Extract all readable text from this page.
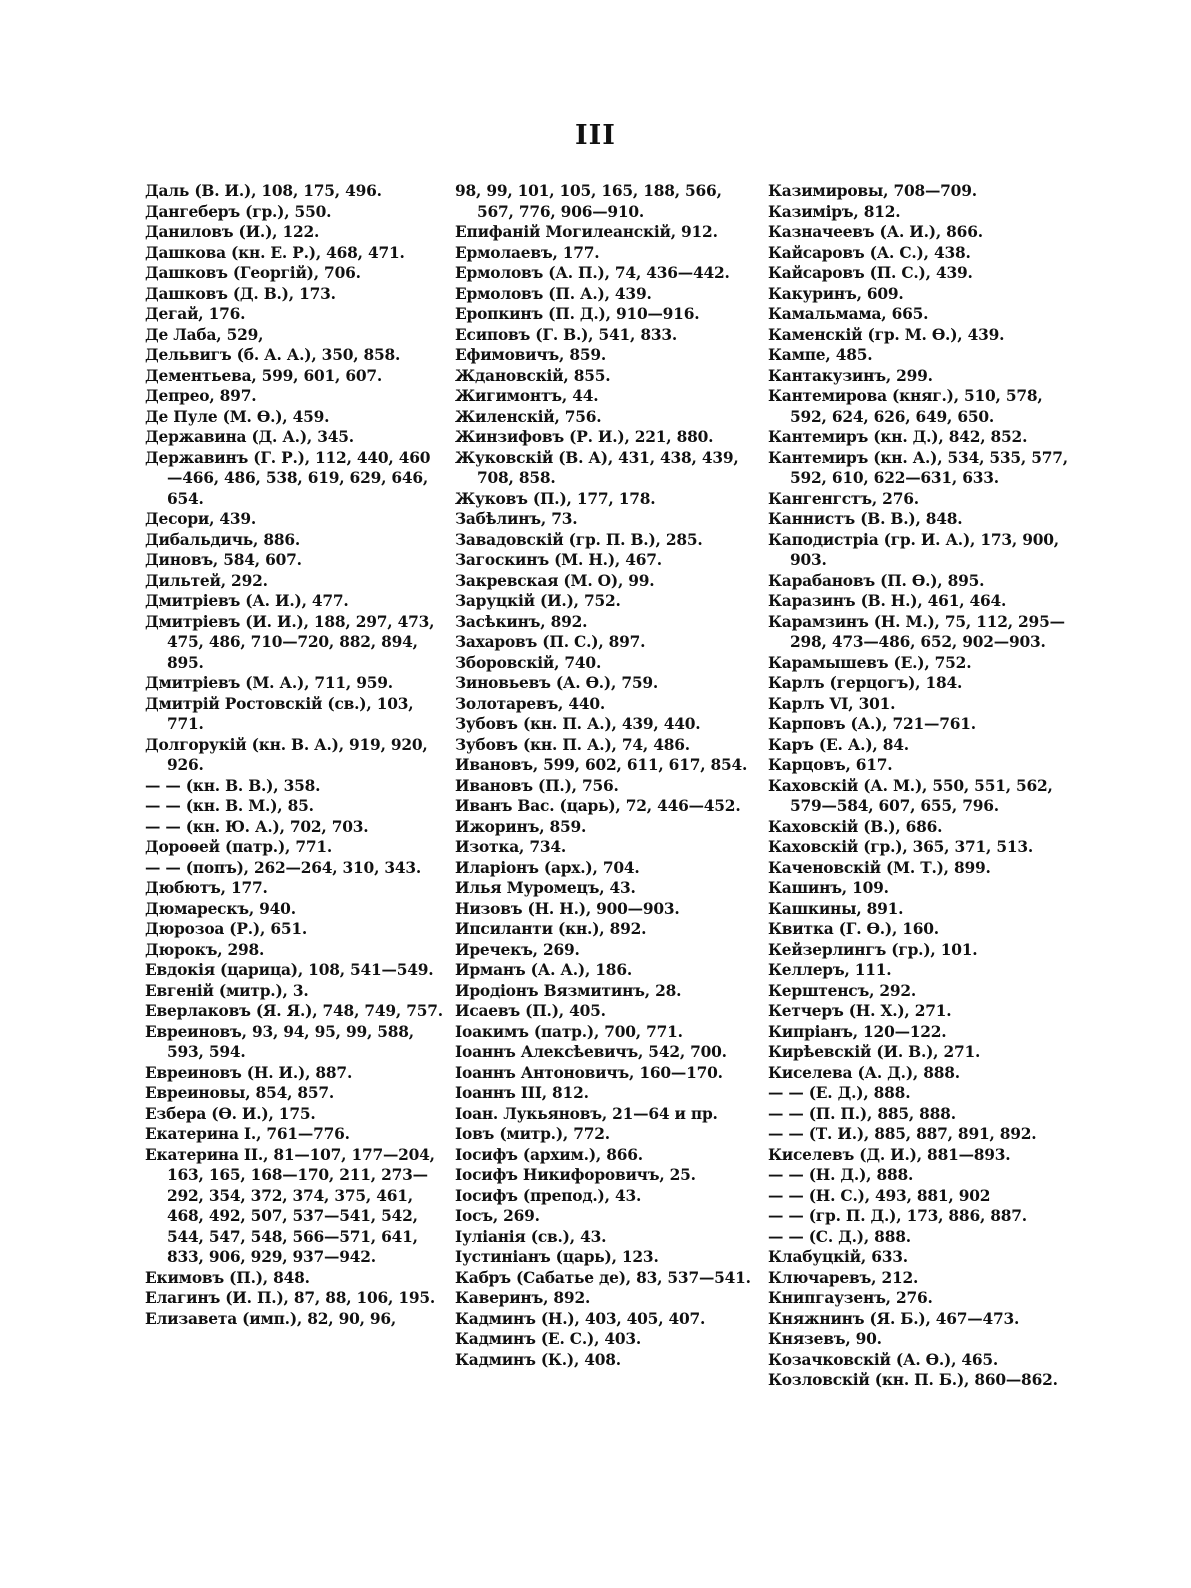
III
Даль (В. И.), 108, 175, 496.
Дангеберъ (гр.), 550.
Даниловъ (И.), 122.
Дашкова (кн. Е. Р.), 468, 471.
Дашковъ (Георгій), 706.
Дашковъ (Д. В.), 173.
Дегай, 176.
Де Лаба, 529,
Дельвигъ (б. А. А.), 350, 858.
Дементьева, 599, 601, 607.
Депрео, 897.
Де Пуле (М. Ѳ.), 459.
Державина (Д. А.), 345.
Державинъ (Г. Р.), 112, 440, 460—466, 486, 538, 619, 629, 646, 654.
Десори, 439.
Дибальдичь, 886.
Диновъ, 584, 607.
Дильтей, 292.
Дмитріевъ (А. И.), 477.
Дмитріевъ (И. И.), 188, 297, 473, 475, 486, 710—720, 882, 894, 895.
Дмитріевъ (М. А.), 711, 959.
Дмитрій Ростовскій (св.), 103, 771.
Долгорукій (кн. В. А.), 919, 920, 926.
— — (кн. В. В.), 358.
— — (кн. В. М.), 85.
— — (кн. Ю. А.), 702, 703.
Дороѳей (патр.), 771.
— — (попъ), 262—264, 310, 343.
Дюбютъ, 177.
Дюмарескъ, 940.
Дюрозоа (Р.), 651.
Дюрокъ, 298.
Евдокія (царица), 108, 541—549.
Евгеній (митр.), 3.
Еверлаковъ (Я. Я.), 748, 749, 757.
Евреиновъ, 93, 94, 95, 99, 588, 593, 594.
Евреиновъ (Н. И.), 887.
Евреиновы, 854, 857.
Езбера (Ѳ. И.), 175.
Екатерина I., 761—776.
Екатерина II., 81—107, 177—204, 163, 165, 168—170, 211, 273—292, 354, 372, 374, 375, 461, 468, 492, 507, 537—541, 542, 544, 547, 548, 566—571, 641, 833, 906, 929, 937—942.
Екимовъ (П.), 848.
Елагинъ (И. П.), 87, 88, 106, 195.
Елизавета (имп.), 82, 90, 96,
98, 99, 101, 105, 165, 188, 566, 567, 776, 906—910.
Епифаній Могилеанскій, 912.
Ермолаевъ, 177.
Ермоловъ (А. П.), 74, 436—442.
Ермоловъ (П. А.), 439.
Еропкинъ (П. Д.), 910—916.
Есиповъ (Г. В.), 541, 833.
Ефимовичъ, 859.
Ждановскій, 855.
Жигимонтъ, 44.
Жиленскій, 756.
Жинзифовъ (Р. И.), 221, 880.
Жуковскій (В. А), 431, 438, 439, 708, 858.
Жуковъ (П.), 177, 178.
Забѣлинъ, 73.
Завадовскій (гр. П. В.), 285.
Загоскинъ (М. Н.), 467.
Закревская (М. О), 99.
Заруцкій (И.), 752.
Засѣкинъ, 892.
Захаровъ (П. С.), 897.
Зборовскій, 740.
Зиновьевъ (А. Ѳ.), 759.
Золотаревъ, 440.
Зубовъ (кн. П. А.), 439, 440.
Зубовъ (кн. П. А.), 74, 486.
Ивановъ, 599, 602, 611, 617, 854.
Ивановъ (П.), 756.
Иванъ Вас. (царь), 72, 446—452.
Ижоринъ, 859.
Изотка, 734.
Иларіонъ (арх.), 704.
Илья Муромецъ, 43.
Низовъ (Н. Н.), 900—903.
Ипсиланти (кн.), 892.
Иречекъ, 269.
Ирманъ (А. А.), 186.
Иродіонъ Вязмитинъ, 28.
Исаевъ (П.), 405.
Іоакимъ (патр.), 700, 771.
Іоаннъ Алексѣевичъ, 542, 700.
Іоаннъ Антоновичъ, 160—170.
Іоаннъ III, 812.
Іоан. Лукьяновъ, 21—64 и пр.
Іовъ (митр.), 772.
Іосифъ (архим.), 866.
Іосифъ Никифоровичъ, 25.
Іосифъ (препод.), 43.
Іосъ, 269.
Іуліанія (св.), 43.
Іустиніанъ (царь), 123.
Кабръ (Сабатье де), 83, 537—541.
Каверинъ, 892.
Кадминъ (Н.), 403, 405, 407.
Кадминъ (Е. С.), 403.
Кадминъ (К.), 408.
Казимировы, 708—709.
Казиміръ, 812.
Казначеевъ (А. И.), 866.
Кайсаровъ (А. С.), 438.
Кайсаровъ (П. С.), 439.
Какуринъ, 609.
Камальмама, 665.
Каменскій (гр. М. Ѳ.), 439.
Кампе, 485.
Кантакузинъ, 299.
Кантемирова (княг.), 510, 578, 592, 624, 626, 649, 650.
Кантемиръ (кн. Д.), 842, 852.
Кантемиръ (кн. А.), 534, 535, 577, 592, 610, 622—631, 633.
Кангенгстъ, 276.
Каннистъ (В. В.), 848.
Каподистріа (гр. И. А.), 173, 900, 903.
Карабановъ (П. Ѳ.), 895.
Каразинъ (В. Н.), 461, 464.
Карамзинъ (Н. М.), 75, 112, 295—298, 473—486, 652, 902—903.
Карамышевъ (Е.), 752.
Карлъ (герцогъ), 184.
Карлъ VI, 301.
Карповъ (А.), 721—761.
Каръ (Е. А.), 84.
Карцовъ, 617.
Каховскій (А. М.), 550, 551, 562, 579—584, 607, 655, 796.
Каховскій (В.), 686.
Каховскій (гр.), 365, 371, 513.
Каченовскій (М. Т.), 899.
Кашинъ, 109.
Кашкины, 891.
Квитка (Г. Ѳ.), 160.
Кейзерлингъ (гр.), 101.
Келлеръ, 111.
Керштенсъ, 292.
Кетчеръ (Н. Х.), 271.
Кипріанъ, 120—122.
Кирѣевскій (И. В.), 271.
Киселева (А. Д.), 888.
— — (Е. Д.), 888.
— — (П. П.), 885, 888.
— — (Т. И.), 885, 887, 891, 892.
Киселевъ (Д. И.), 881—893.
— — (Н. Д.), 888.
— — (Н. С.), 493, 881, 902
— — (гр. П. Д.), 173, 886, 887.
— — (С. Д.), 888.
Клабуцкій, 633.
Ключаревъ, 212.
Книпгаузенъ, 276.
Княжнинъ (Я. Б.), 467—473.
Князевъ, 90.
Козачковскій (А. Ѳ.), 465.
Козловскій (кн. П. Б.), 860—862.
